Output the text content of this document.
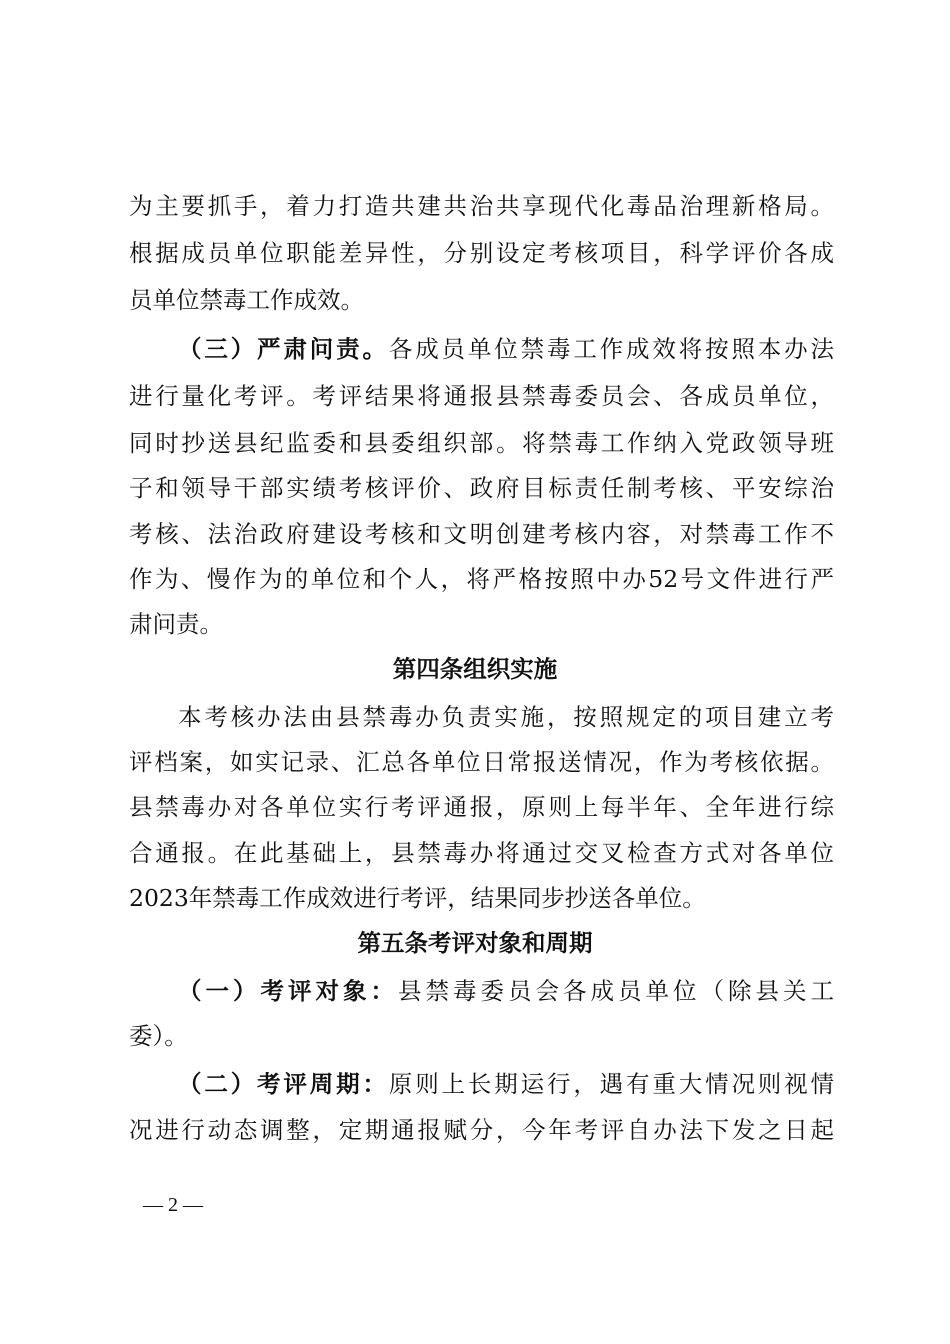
为主要抓手，着力打造共建共治共享现代化毒品治理新格局。
根据成员单位职能差异性，分别设定考核项目，科学评价各成
员单位禁毒工作成效。
（三）严肃问责。各成员单位禁毒工作成效将按照本办法
进行量化考评。考评结果将通报县禁毒委员会、各成员单位，
同时抄送县纪监委和县委组织部。将禁毒工作纳入党政领导班
子和领导干部实绩考核评价、政府目标责任制考核、平安综治
考核、法治政府建设考核和文明创建考核内容，对禁毒工作不
作为、慢作为的单位和个人，将严格按照中办52号文件进行严
肃问责。
第四条组织实施
本考核办法由县禁毒办负责实施，按照规定的项目建立考
评档案，如实记录、汇总各单位日常报送情况，作为考核依据。
县禁毒办对各单位实行考评通报，原则上每半年、全年进行综
合通报。在此基础上，县禁毒办将通过交叉检查方式对各单位
2023年禁毒工作成效进行考评，结果同步抄送各单位。
第五条考评对象和周期
（一）考评对象：县禁毒委员会各成员单位（除县关工
委）。
（二）考评周期：原则上长期运行，遇有重大情况则视情
况进行动态调整，定期通报赋分，今年考评自办法下发之日起
— 2 —
